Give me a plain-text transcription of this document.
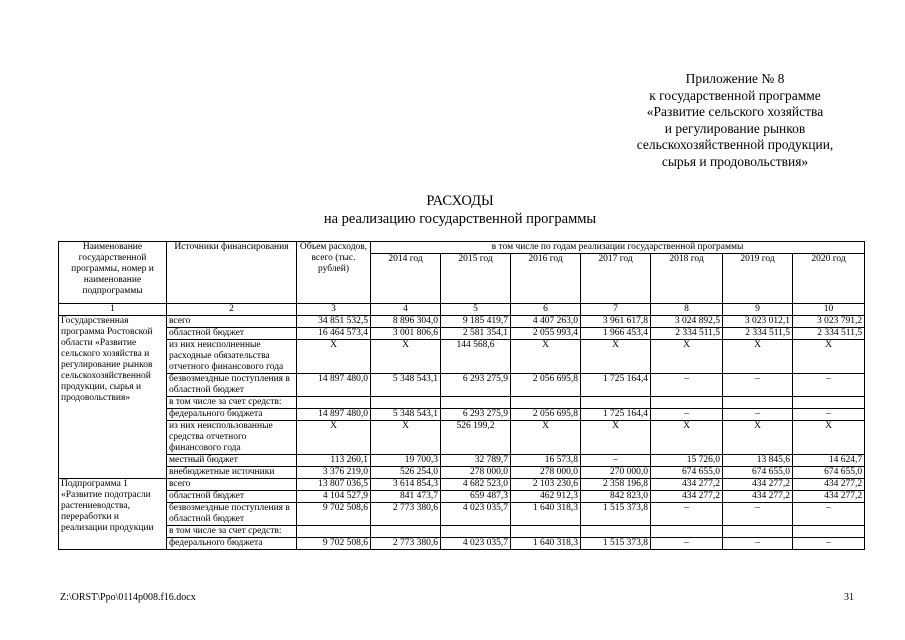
Приложение № 8
к государственной программе
«Развитие сельского хозяйства
и регулирование рынков
сельскохозяйственной продукции,
сырья и продовольствия»
РАСХОДЫ
на реализацию государственной программы
Наименование государственной программы, номер и наименование подпрограммы	Источники финансирования	Объем расходов, всего (тыс. рублей)	в том числе по годам реализации государственной программы						
			2014 год	2015 год	2016 год	2017 год	2018 год	2019 год	2020 год
1	2	3	4	5	6	7	8	9	10
Государственная программа Ростовской области «Развитие сельского хозяйства и регулирование рынков сельскохозяйственной продукции, сырья и продовольствия»	всего	34 851 532,5	8 896 304,0	9 185 419,7	4 407 263,0	3 961 617,8	3 024 892,5	3 023 012,1	3 023 791,2
	областной бюджет	16 464 573,4	3 001 806,6	2 581 354,1	2 055 993,4	1 966 453,4	2 334 511,5	2 334 511,5	2 334 511,5
	из них неисполненные расходные обязательства отчетного финансового года	Х	Х	144 568,6	Х	Х	Х	Х	Х
	безвозмездные поступления в областной бюджет	14 897 480,0	5 348 543,1	6 293 275,9	2 056 695,8	1 725 164,4	–	–	–
	в том числе за счет средств:								
	федерального бюджета	14 897 480,0	5 348 543,1	6 293 275,9	2 056 695,8	1 725 164,4	–	–	–
	из них неиспользованные средства отчетного финансового года	Х	Х	526 199,2	Х	Х	Х	Х	Х
	местный бюджет	113 260,1	19 700,3	32 789,7	16 573,8	–	15 726,0	13 845,6	14 624,7
	внебюджетные источники	3 376 219,0	526 254,0	278 000,0	278 000,0	270 000,0	674 655,0	674 655,0	674 655,0
Подпрограмма 1 «Развитие подотрасли растениеводства, переработки и реализации продукции	всего	13 807 036,5	3 614 854,3	4 682 523,0	2 103 230,6	2 358 196,8	434 277,2	434 277,2	434 277,2
	областной бюджет	4 104 527,9	841 473,7	659 487,3	462 912,3	842 823,0	434 277,2	434 277,2	434 277,2
	безвозмездные поступления в областной бюджет	9 702 508,6	2 773 380,6	4 023 035,7	1 640 318,3	1 515 373,8	–	–	–
	в том числе за счет средств:								
	федерального бюджета	9 702 508,6	2 773 380,6	4 023 035,7	1 640 318,3	1 515 373,8	–	–	–
Z:\ORST\Ppo\0114p008.f16.docx	31
